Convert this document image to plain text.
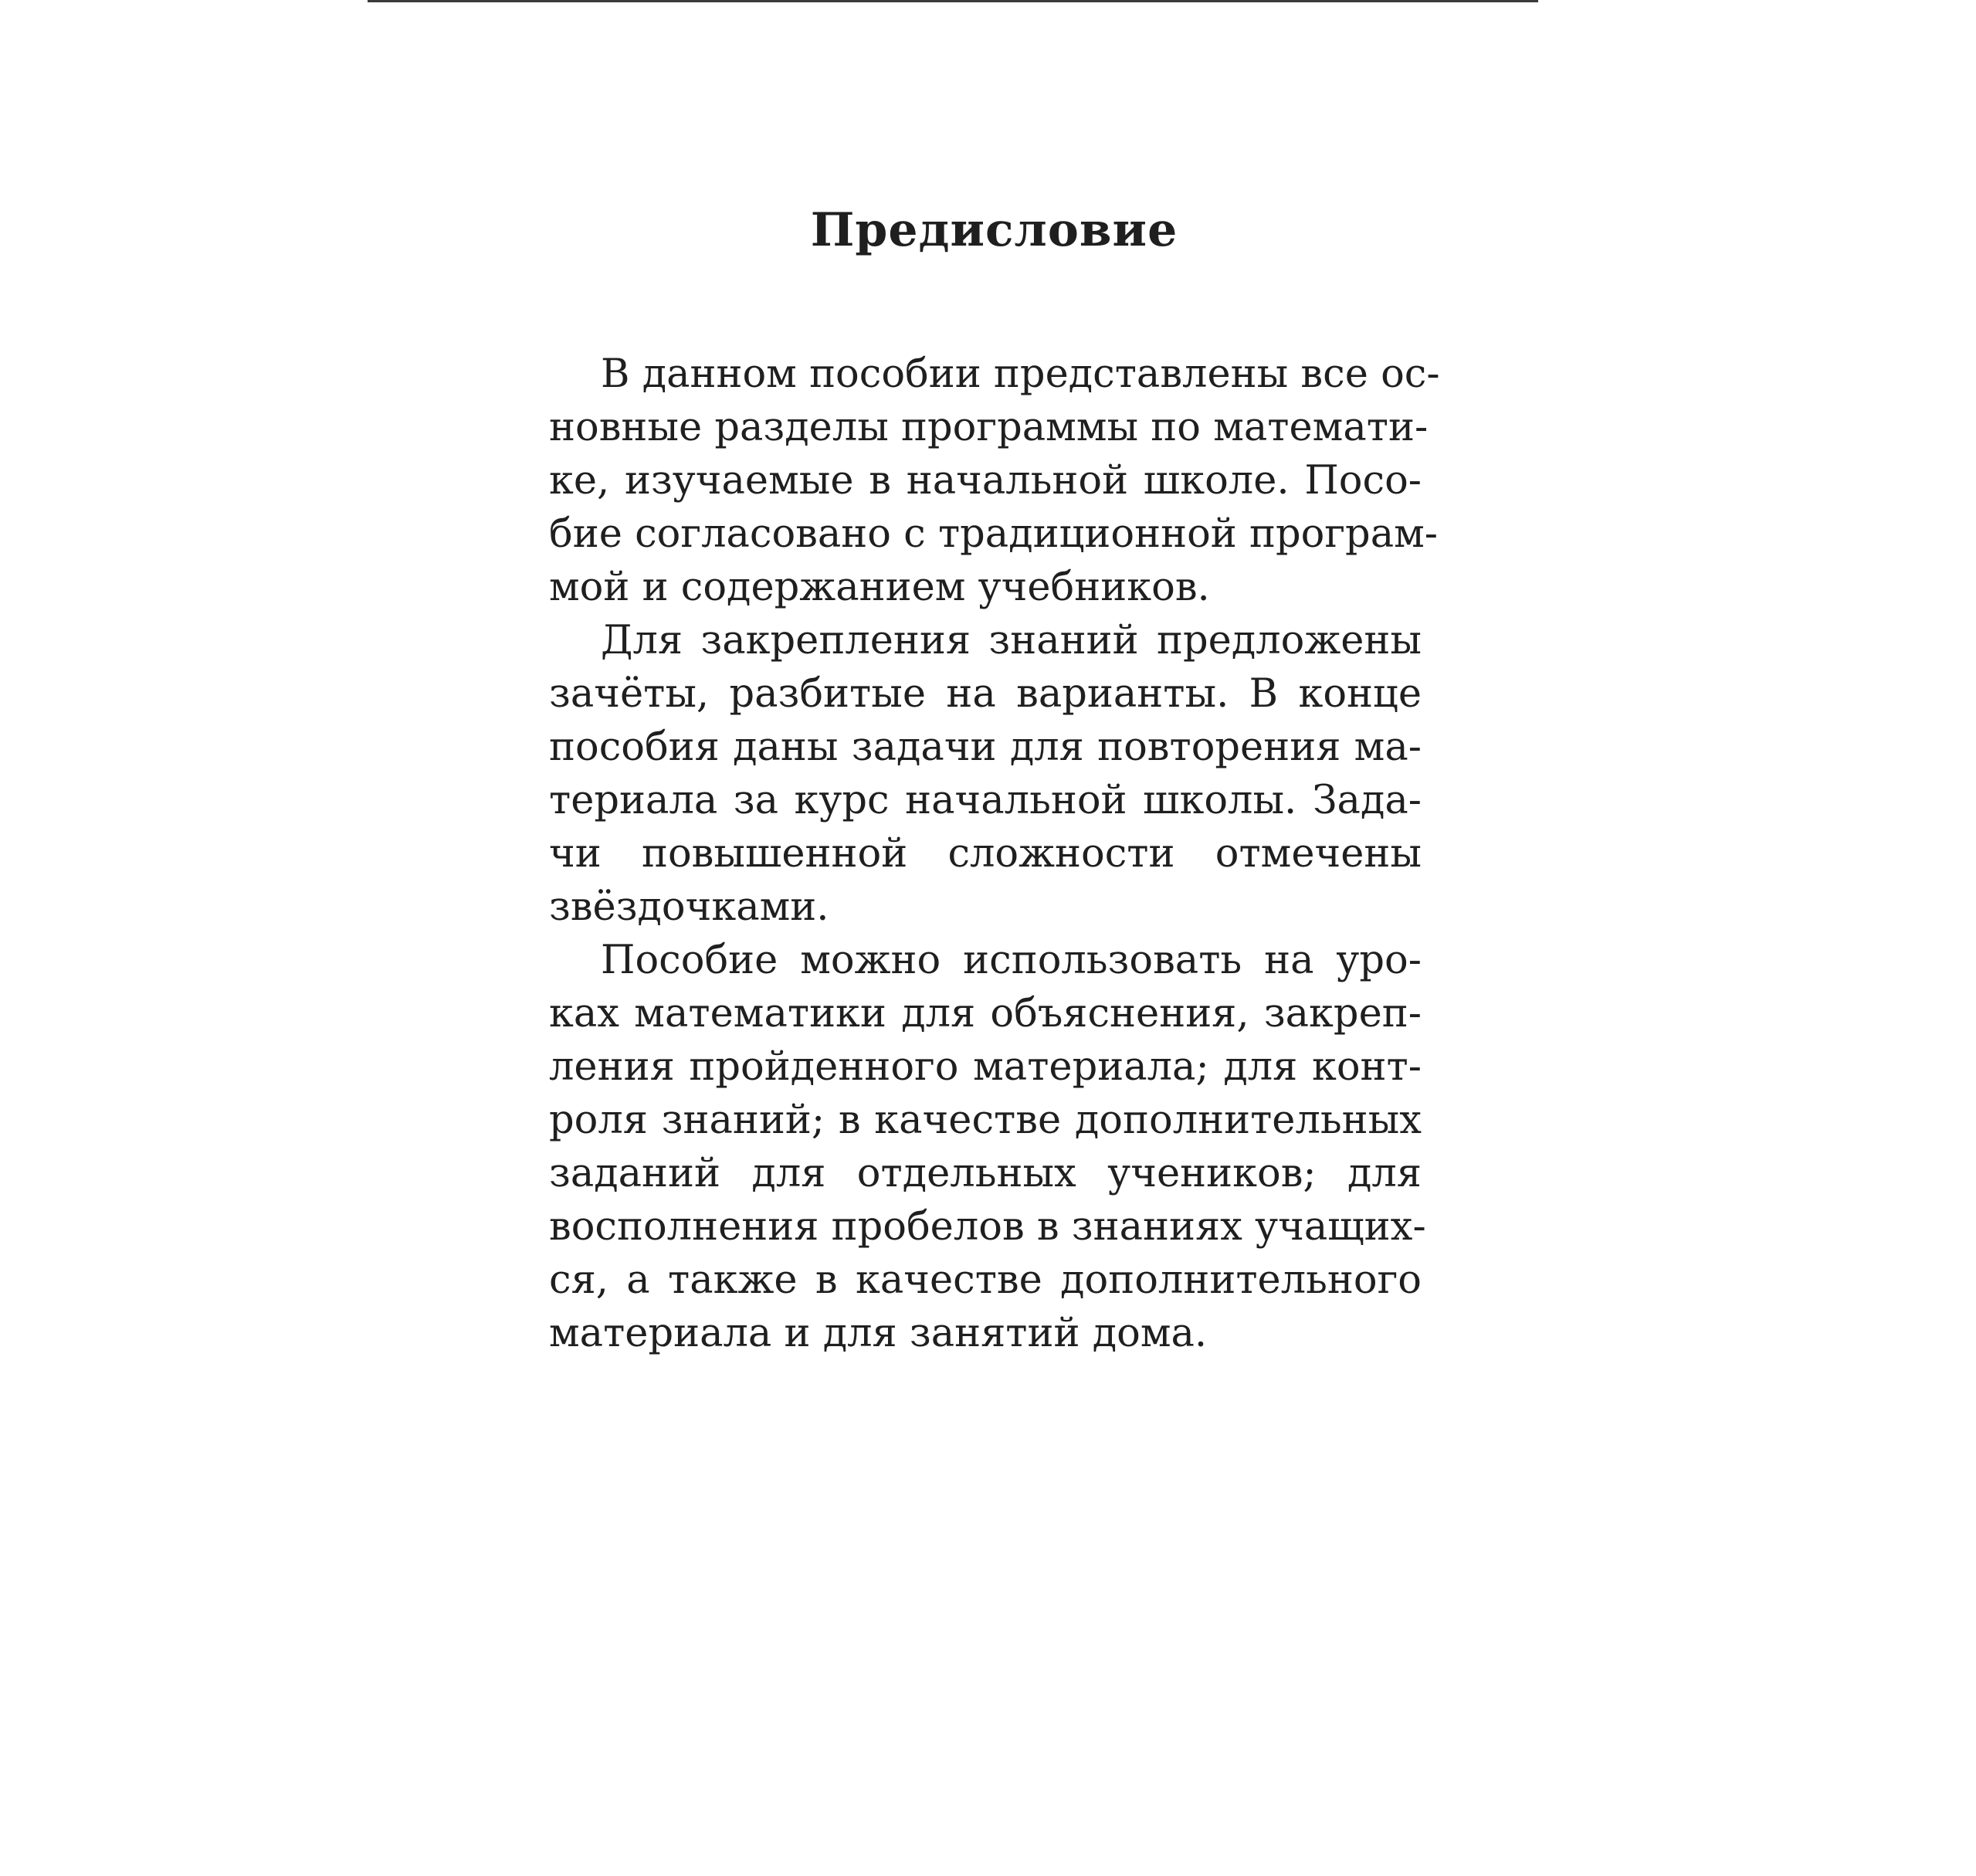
Предисловие
В данном пособии представлены все ос-
новные разделы программы по математи-
ке, изучаемые в начальной школе. Посо-
бие согласовано с традиционной програм-
мой и содержанием учебников.
Для закрепления знаний предложены
зачёты, разбитые на варианты. В конце
пособия даны задачи для повторения ма-
териала за курс начальной школы. Зада-
чи повышенной сложности отмечены
звёздочками.
Пособие можно использовать на уро-
ках математики для объяснения, закреп-
ления пройденного материала; для конт-
роля знаний; в качестве дополнительных
заданий для отдельных учеников; для
восполнения пробелов в знаниях учащих-
ся, а также в качестве дополнительного
материала и для занятий дома.
